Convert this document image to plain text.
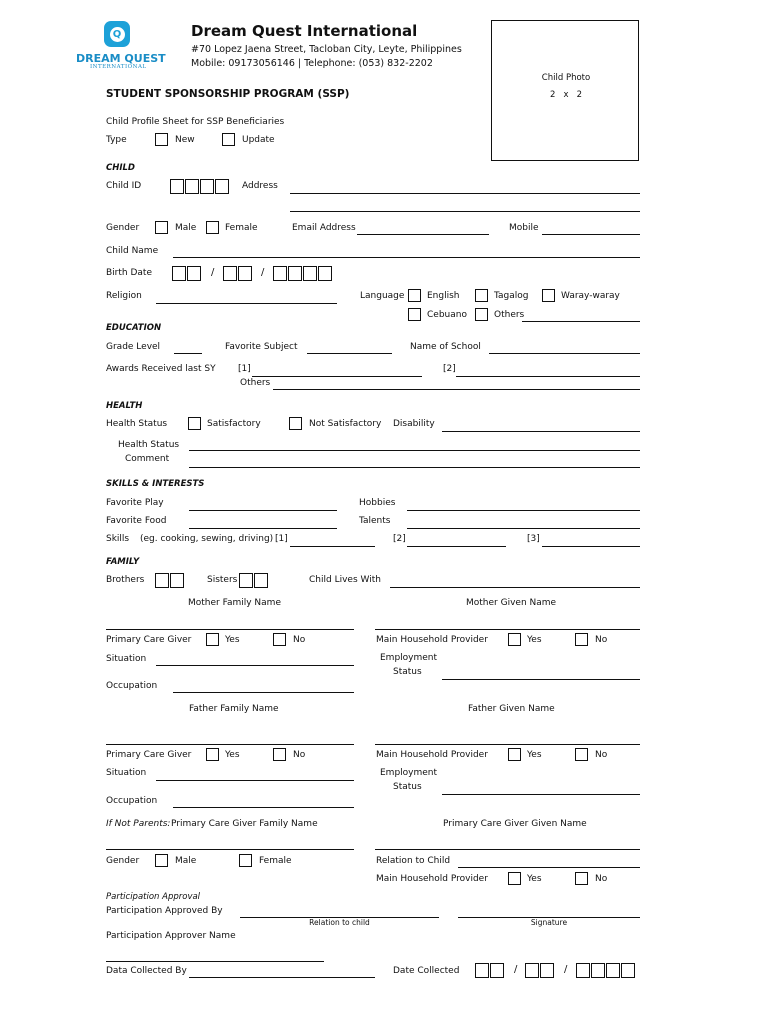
Q
DREAM QUEST
INTERNATIONAL
Dream Quest International
#70 Lopez Jaena Street, Tacloban City, Leyte, Philippines
Mobile: 09173056146 | Telephone: (053) 832-2202
Child Photo
2   x   2
STUDENT SPONSORSHIP PROGRAM (SSP)
Child Profile Sheet for SSP Beneficiaries
Type	New	Update
CHILD
Child ID	Address
Gender	Male	Female	Email Address	Mobile
Child Name
Birth Date	/	/
Religion	Language	English	Tagalog	Waray-waray
Cebuano	Others
EDUCATION
Grade Level	Favorite Subject	Name of School
Awards Received last SY [1]	[2]
Others
HEALTH
Health Status	Satisfactory	Not Satisfactory Disability
Health Status
Comment
SKILLS & INTERESTS
Favorite Play	Hobbies
Favorite Food	Talents
Skills (eg. cooking, sewing, driving) [1]	[2]	[3]
FAMILY
Brothers	Sisters	Child Lives With
Mother Family Name	Mother Given Name
Primary Care Giver	Yes	No	Main Household Provider	Yes	No
Situation	Employment
Status
Occupation
Father Family Name	Father Given Name
Primary Care Giver	Yes	No	Main Household Provider	Yes	No
Situation	Employment
Status
Occupation
If Not Parents: Primary Care Giver Family Name	Primary Care Giver Given Name
Gender	Male	Female	Relation to Child
Main Household Provider	Yes	No
Participation Approval
Participation Approved By
Relation to child	Signature
Participation Approver Name
Data Collected By	Date Collected	/	/
